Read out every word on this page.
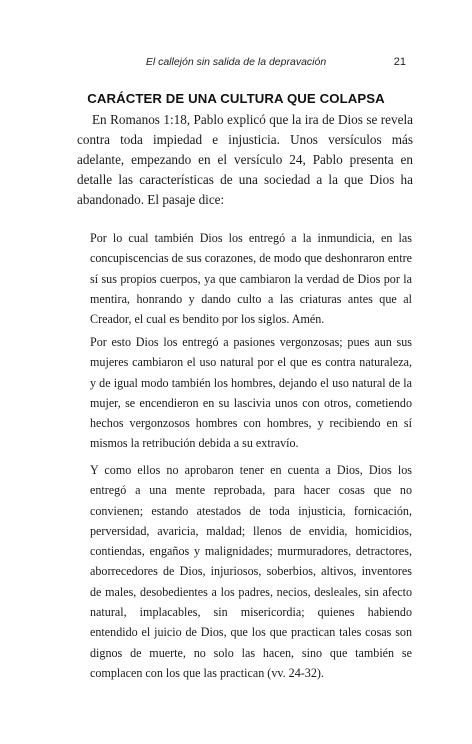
El callejón sin salida de la depravación	21
CARÁCTER DE UNA CULTURA QUE COLAPSA

En Romanos 1:18, Pablo explicó que la ira de Dios se revela contra toda impiedad e injusticia. Unos versículos más adelante, empezando en el versículo 24, Pablo presenta en detalle las características de una sociedad a la que Dios ha abandonado. El pasaje dice:

Por lo cual también Dios los entregó a la inmundicia, en las concupiscencias de sus corazones, de modo que deshonraron entre sí sus propios cuerpos, ya que cambiaron la verdad de Dios por la mentira, honrando y dando culto a las criaturas antes que al Creador, el cual es bendito por los siglos. Amén.

Por esto Dios los entregó a pasiones vergonzosas; pues aun sus mujeres cambiaron el uso natural por el que es contra naturaleza, y de igual modo también los hombres, dejando el uso natural de la mujer, se encendieron en su lascivia unos con otros, cometiendo hechos vergonzosos hombres con hombres, y recibiendo en sí mismos la retribución debida a su extravío.

Y como ellos no aprobaron tener en cuenta a Dios, Dios los entregó a una mente reprobada, para hacer cosas que no convienen; estando atestados de toda injusticia, fornicación, perversidad, avaricia, maldad; llenos de envidia, homicidios, contiendas, engaños y malignidades; murmuradores, detractores, aborrecedores de Dios, injuriosos, soberbios, altivos, inventores de males, desobedientes a los padres, necios, desleales, sin afecto natural, implacables, sin misericordia; quienes habiendo entendido el juicio de Dios, que los que practican tales cosas son dignos de muerte, no solo las hacen, sino que también se complacen con los que las practican (vv. 24-32).
